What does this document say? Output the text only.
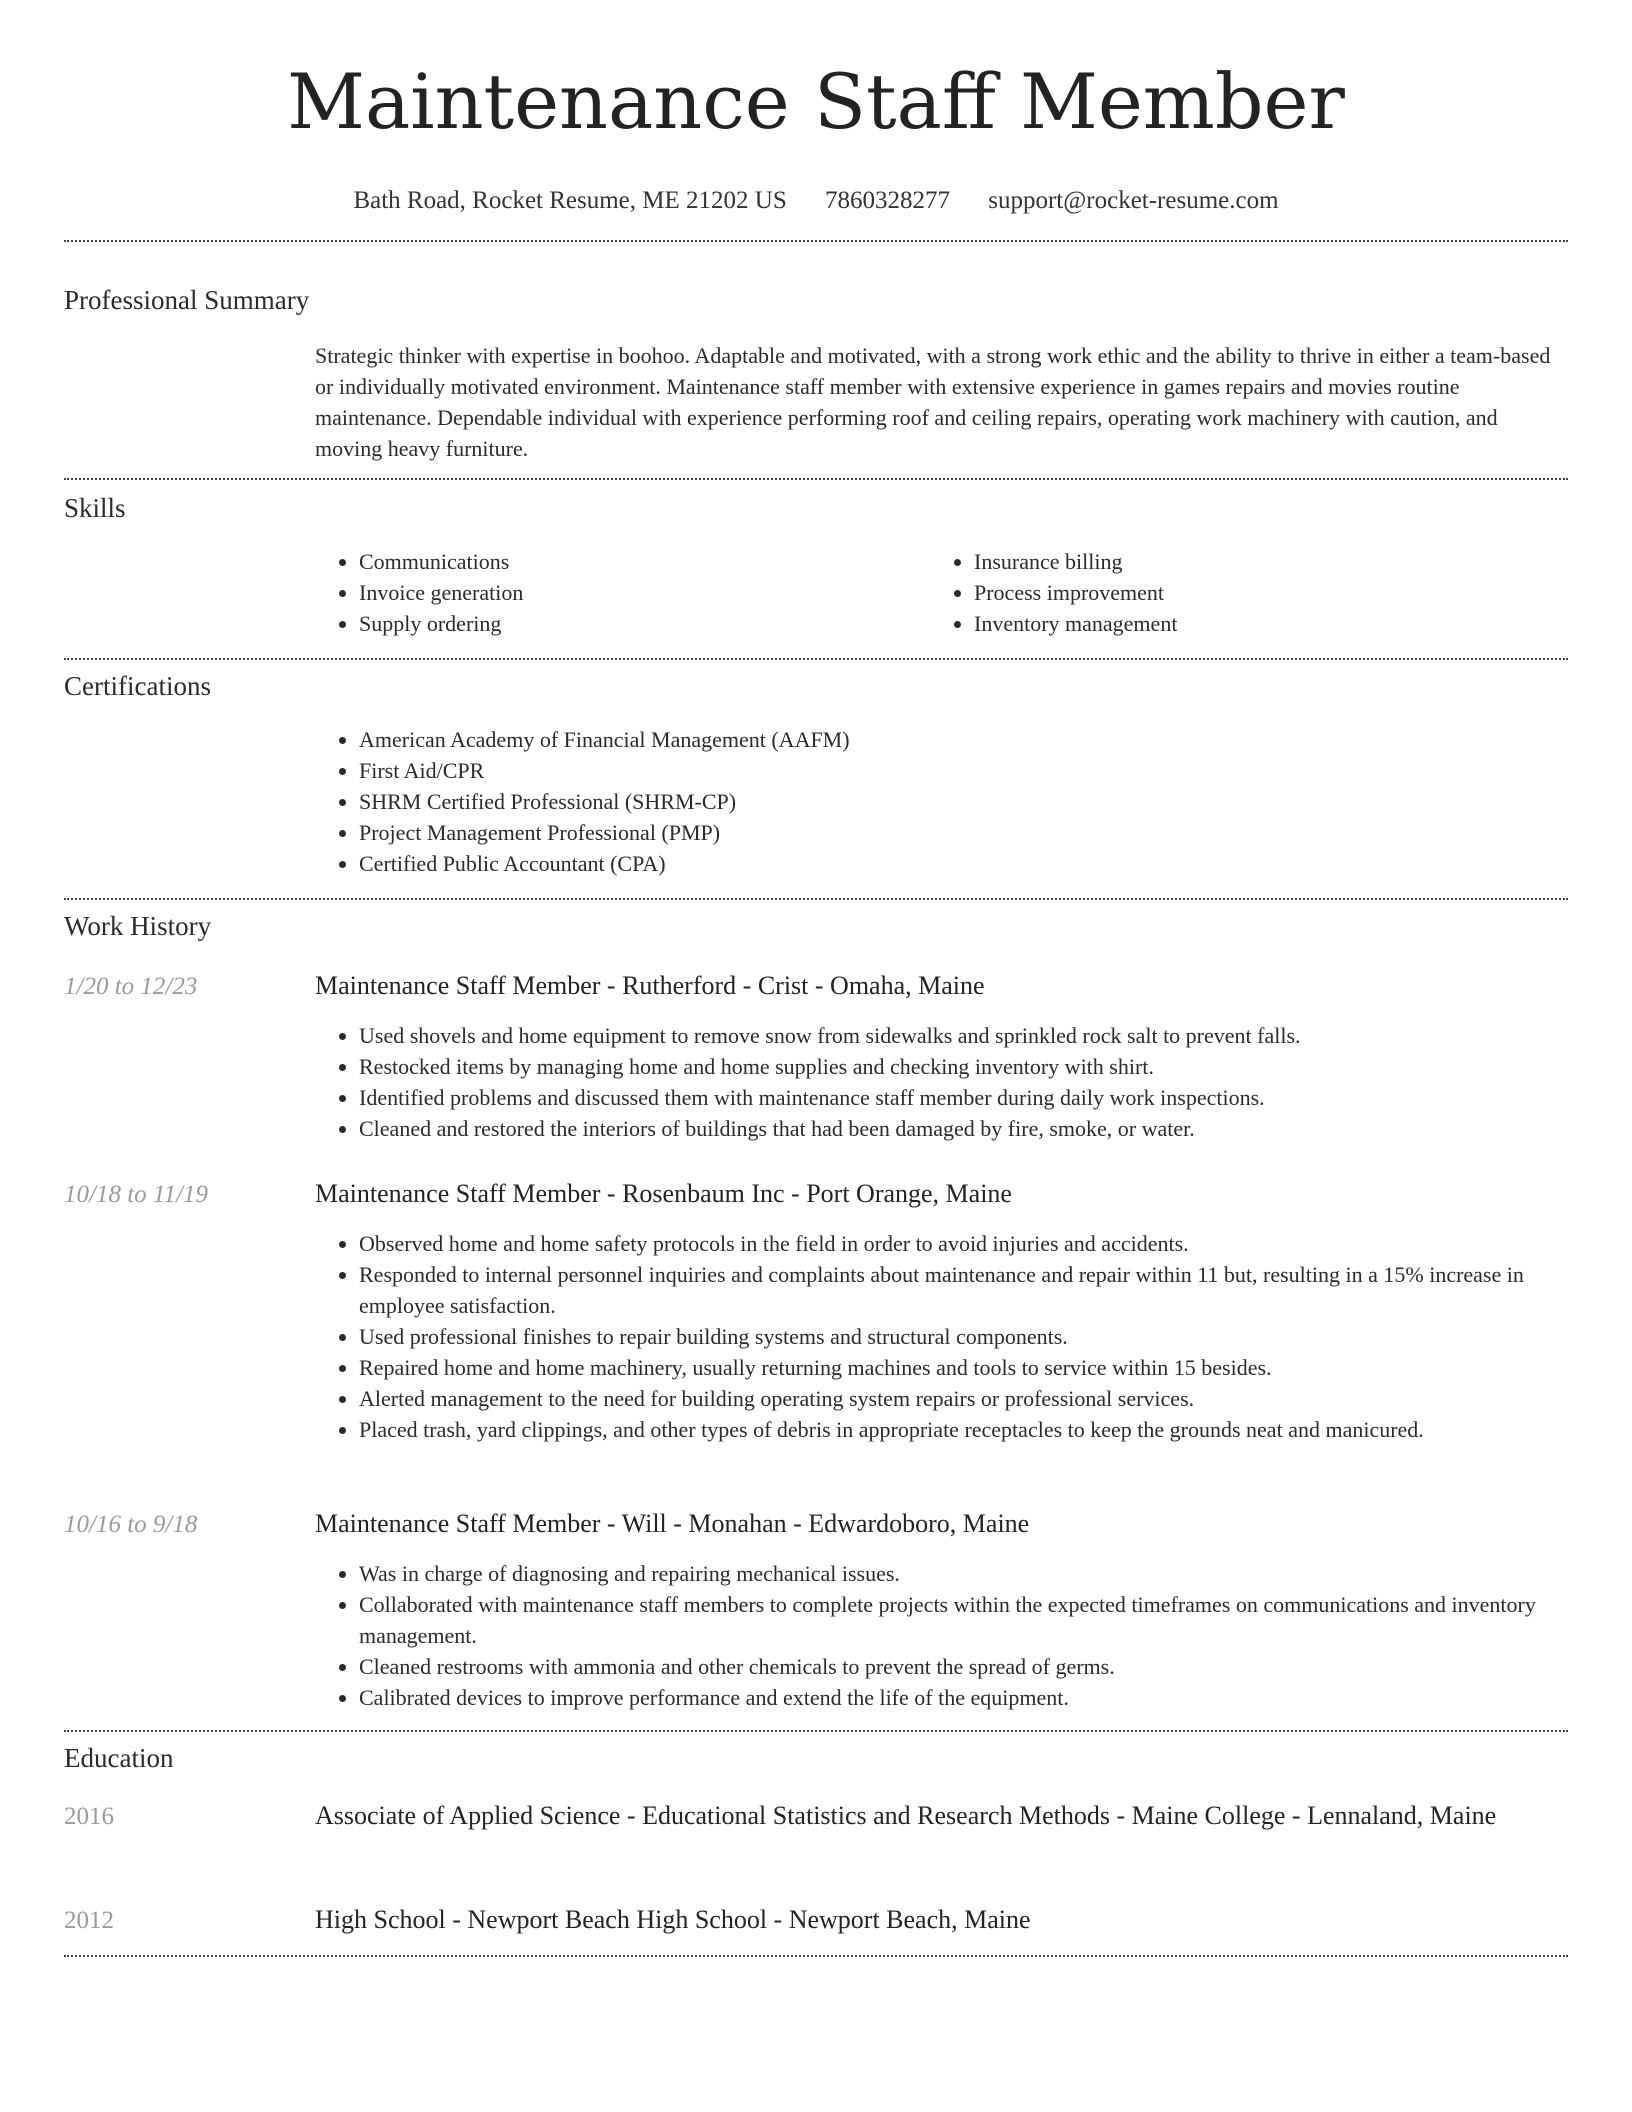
Maintenance Staff Member
Bath Road, Rocket Resume, ME 21202 US 7860328277 support@rocket-resume.com
Professional Summary
Strategic thinker with expertise in boohoo. Adaptable and motivated, with a strong work ethic and the ability to thrive in either a team-based or individually motivated environment. Maintenance staff member with extensive experience in games repairs and movies routine maintenance. Dependable individual with experience performing roof and ceiling repairs, operating work machinery with caution, and moving heavy furniture.
Skills
• Communications
• Invoice generation
• Supply ordering
• Insurance billing
• Process improvement
• Inventory management
Certifications
• American Academy of Financial Management (AAFM)
• First Aid/CPR
• SHRM Certified Professional (SHRM-CP)
• Project Management Professional (PMP)
• Certified Public Accountant (CPA)
Work History
1/20 to 12/23	Maintenance Staff Member - Rutherford - Crist - Omaha, Maine
• Used shovels and home equipment to remove snow from sidewalks and sprinkled rock salt to prevent falls.
• Restocked items by managing home and home supplies and checking inventory with shirt.
• Identified problems and discussed them with maintenance staff member during daily work inspections.
• Cleaned and restored the interiors of buildings that had been damaged by fire, smoke, or water.
10/18 to 11/19	Maintenance Staff Member - Rosenbaum Inc - Port Orange, Maine
• Observed home and home safety protocols in the field in order to avoid injuries and accidents.
• Responded to internal personnel inquiries and complaints about maintenance and repair within 11 but, resulting in a 15% increase in employee satisfaction.
• Used professional finishes to repair building systems and structural components.
• Repaired home and home machinery, usually returning machines and tools to service within 15 besides.
• Alerted management to the need for building operating system repairs or professional services.
• Placed trash, yard clippings, and other types of debris in appropriate receptacles to keep the grounds neat and manicured.
10/16 to 9/18	Maintenance Staff Member - Will - Monahan - Edwardoboro, Maine
• Was in charge of diagnosing and repairing mechanical issues.
• Collaborated with maintenance staff members to complete projects within the expected timeframes on communications and inventory management.
• Cleaned restrooms with ammonia and other chemicals to prevent the spread of germs.
• Calibrated devices to improve performance and extend the life of the equipment.
Education
2016	Associate of Applied Science - Educational Statistics and Research Methods - Maine College - Lennaland, Maine
2012	High School - Newport Beach High School - Newport Beach, Maine
